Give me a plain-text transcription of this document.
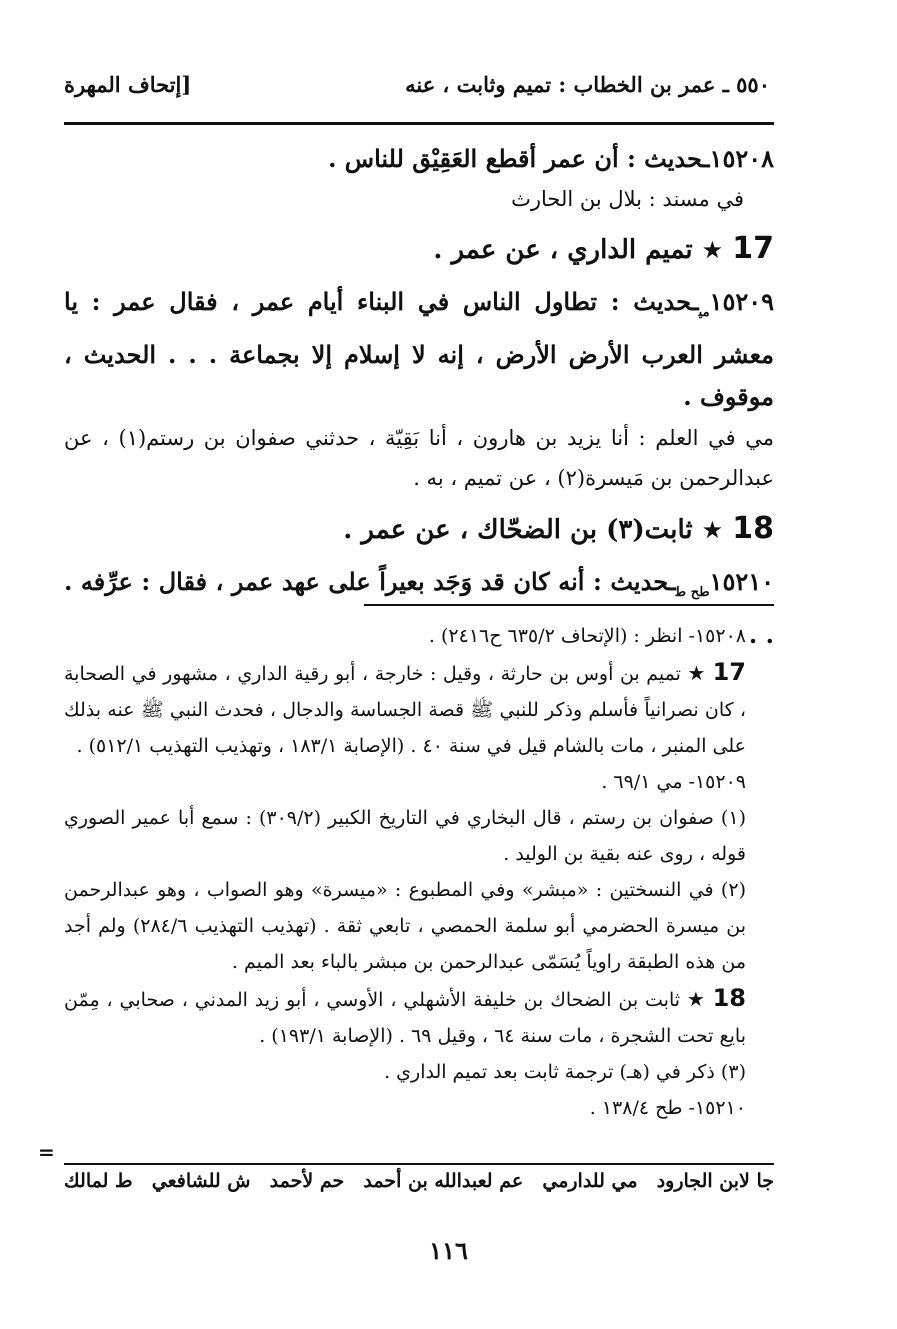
٥٥٠ ـ عمر بن الخطاب : تميم وثابت ، عنه
[إتحاف المهرة

١٥٢٠٨ـحديث : أن عمر أقطع العَقِيْق للناس .

في مسند : بلال بن الحارث

17 ★ تميم الداري ، عن عمر .

$١٥٢٠٩_{مي}ـحديث$ : تطاول الناس في البناء أيام عمر ، فقال عمر : يا معشر العرب الأرض الأرض ، إنه لا إسلام إلا بجماعة . . . الحديث ، موقوف .

مي في العلم : أنا يزيد بن هارون ، أنا بَقِيّة ، حدثني صفوان بن رستم(١) ، عن عبدالرحمن بن مَيسرة(٢) ، عن تميم ، به .

18 ★ ثابت(٣) بن الضحّاك ، عن عمر .

$١٥٢١٠_{طح ط}ـحديث$ : أنه كان قد وَجَد بعيراً على عهد عمر ، فقال : عرِّفه . . .

١٥٢٠٨- انظر : (الإتحاف ٦٣٥/٢ ح٢٤١٦) .

17 ★ تميم بن أوس بن حارثة ، وقيل : خارجة ، أبو رقية الداري ، مشهور في الصحابة ، كان نصرانياً فأسلم وذكر للنبي ﷺ قصة الجساسة والدجال ، فحدث النبي ﷺ عنه بذلك على المنبر ، مات بالشام قيل في سنة ٤٠ . (الإصابة ١٨٣/١ ، وتهذيب التهذيب ٥١٢/١) .

١٥٢٠٩- مي ٦٩/١ .

(١) صفوان بن رستم ، قال البخاري في التاريخ الكبير (٣٠٩/٢) : سمع أبا عمير الصوري قوله ، روى عنه بقية بن الوليد .

(٢) في النسختين : «مبشر» وفي المطبوع : «ميسرة» وهو الصواب ، وهو عبدالرحمن بن ميسرة الحضرمي أبو سلمة الحمصي ، تابعي ثقة . (تهذيب التهذيب ٢٨٤/٦) ولم أجد من هذه الطبقة راوياً يُسَمّى عبدالرحمن بن مبشر بالباء بعد الميم .

18 ★ ثابت بن الضحاك بن خليفة الأشهلي ، الأوسي ، أبو زيد المدني ، صحابي ، مِمّن بايع تحت الشجرة ، مات سنة ٦٤ ، وقيل ٦٩ . (الإصابة ١٩٣/١) .

(٣) ذكر في (هـ) ترجمة ثابت بعد تميم الداري .

١٥٢١٠- طح ١٣٨/٤ .

=
ط لمالك ش للشافعي حم لأحمد عم لعبدالله بن أحمد مي للدارمي جا لابن الجارود
١١٦
